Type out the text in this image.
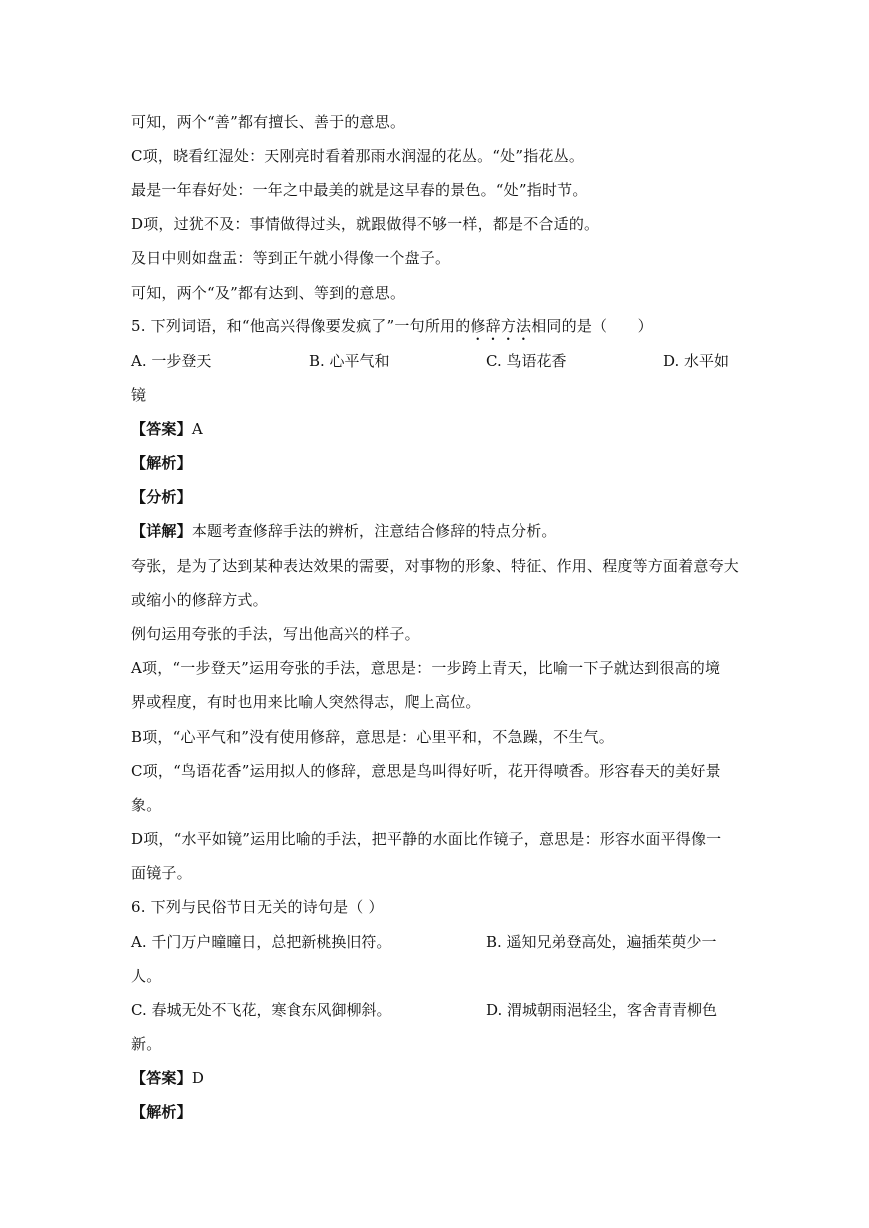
可知，两个“善”都有擅长、善于的意思。
C项，晓看红湿处：天刚亮时看着那雨水润湿的花丛。“处”指花丛。
最是一年春好处：一年之中最美的就是这早春的景色。“处”指时节。
D项，过犹不及：事情做得过头，就跟做得不够一样，都是不合适的。
及日中则如盘盂：等到正午就小得像一个盘子。
可知，两个“及”都有达到、等到的意思。
5. 下列词语，和“他高兴得像要发疯了”一句所用的修辞方法相同的是（　　）
A. 一步登天	B. 心平气和	C. 鸟语花香	D. 水平如
镜
【答案】A
【解析】
【分析】
【详解】本题考查修辞手法的辨析，注意结合修辞的特点分析。
夸张，是为了达到某种表达效果的需要，对事物的形象、特征、作用、程度等方面着意夸大
或缩小的修辞方式。
例句运用夸张的手法，写出他高兴的样子。
A项，“一步登天”运用夸张的手法，意思是：一步跨上青天，比喻一下子就达到很高的境
界或程度，有时也用来比喻人突然得志，爬上高位。
B项，“心平气和”没有使用修辞，意思是：心里平和，不急躁，不生气。
C项，“鸟语花香”运用拟人的修辞，意思是鸟叫得好听，花开得喷香。形容春天的美好景
象。
D项，“水平如镜”运用比喻的手法，把平静的水面比作镜子，意思是：形容水面平得像一
面镜子。
6. 下列与民俗节日无关的诗句是（ ）
A. 千门万户曈曈日，总把新桃换旧符。	B. 遥知兄弟登高处，遍插茱萸少一
人。
C. 春城无处不飞花，寒食东风御柳斜。	D. 渭城朝雨浥轻尘，客舍青青柳色
新。
【答案】D
【解析】
